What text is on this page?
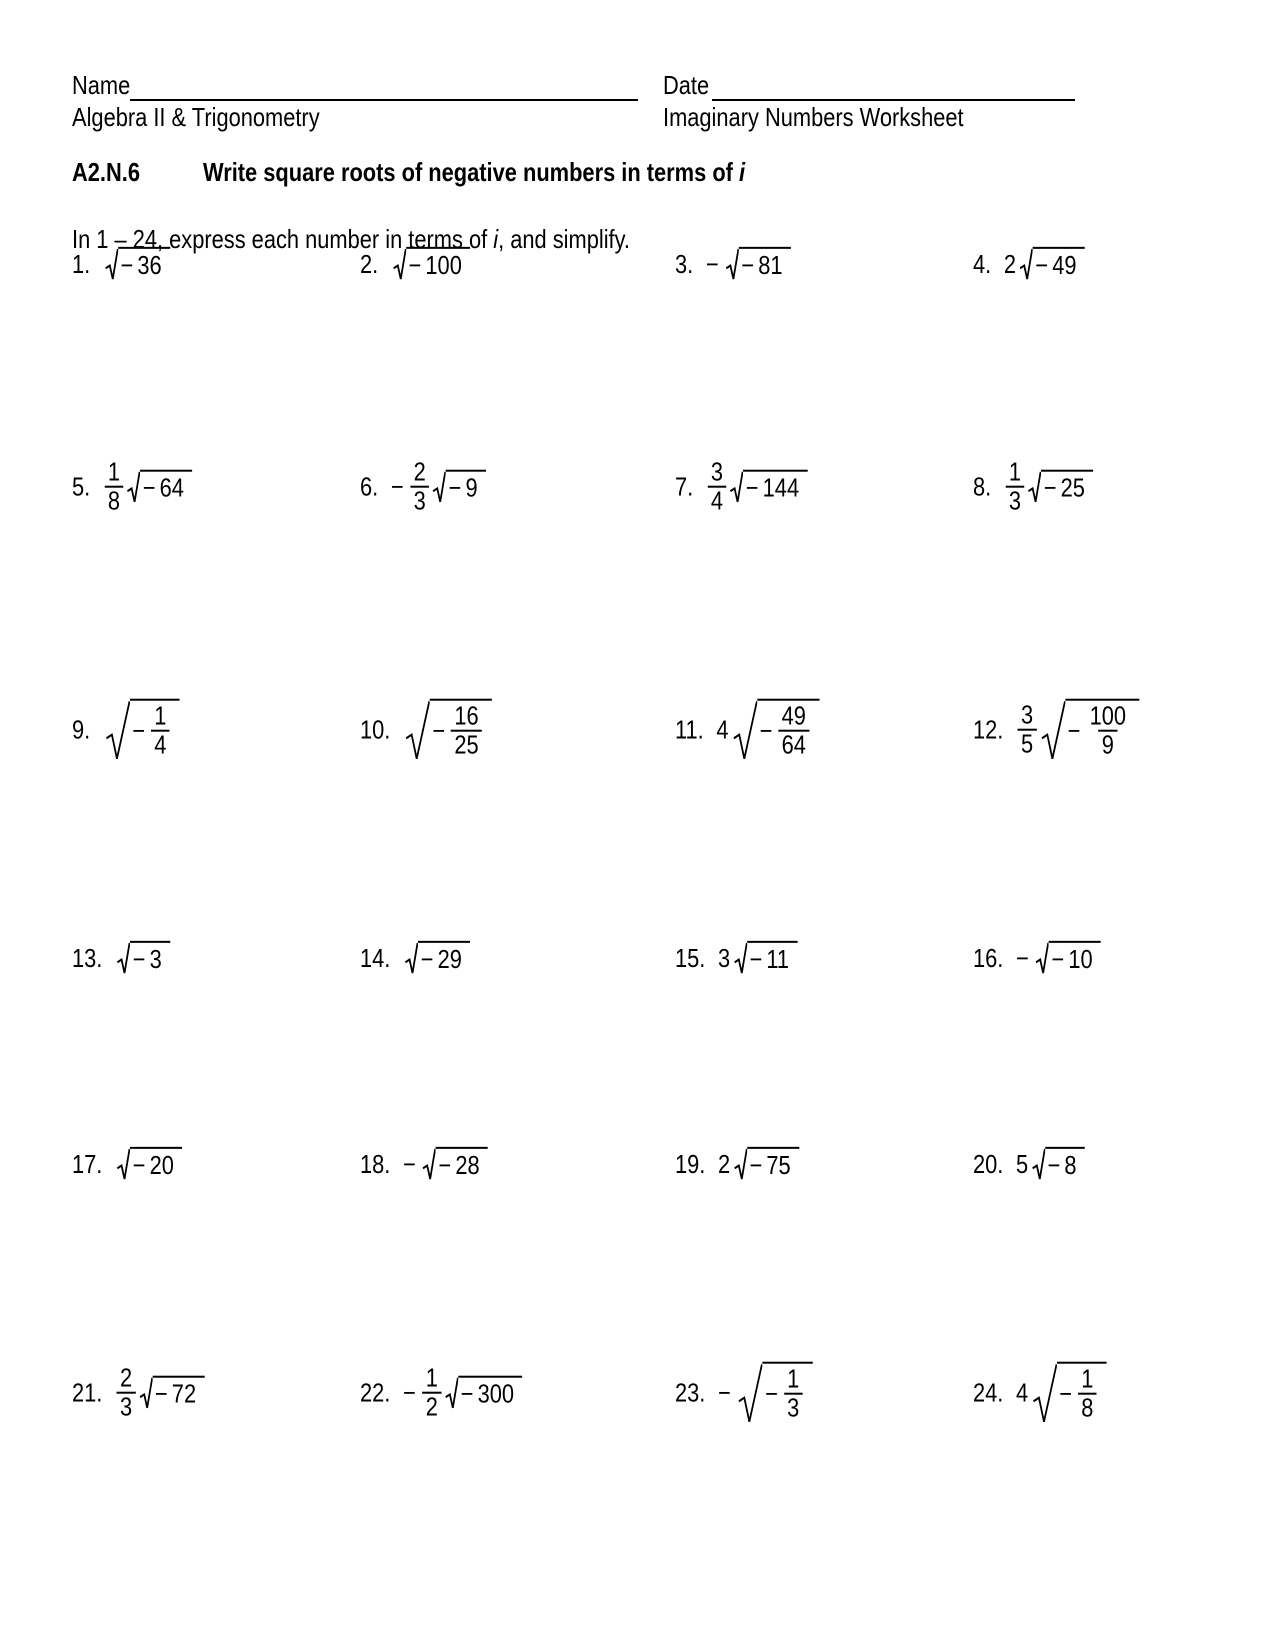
Name	Date
Algebra II & Trigonometry	Imaginary Numbers Worksheet
A2.N.6 Write square roots of negative numbers in terms of i
In 1 – 24, express each number in terms of i, and simplify.
1. − 36	2. − 100	3. − − 81	4. 2 − 49
5. $\frac{1}{8} - 64$	6. − $\frac{2}{3} - 9$	7. $\frac{3}{4} - 144$	8. $\frac{1}{3} - 25$
9. − $\frac{1}{4}$	10. − $\frac{16}{25}$	11. $4 - \frac{49}{64}$	12. $\frac{3}{5} - \frac{100}{9}$
13. − 3	14. − 29	15. 3 − 11	16. − − 10
17. − 20	18. − − 28	19. 2 − 75	20. 5 − 8
21. $\frac{2}{3} - 72$	22. − $\frac{1}{2} - 300$	23. − − $\frac{1}{3}$	24. $4 - \frac{1}{8}$
